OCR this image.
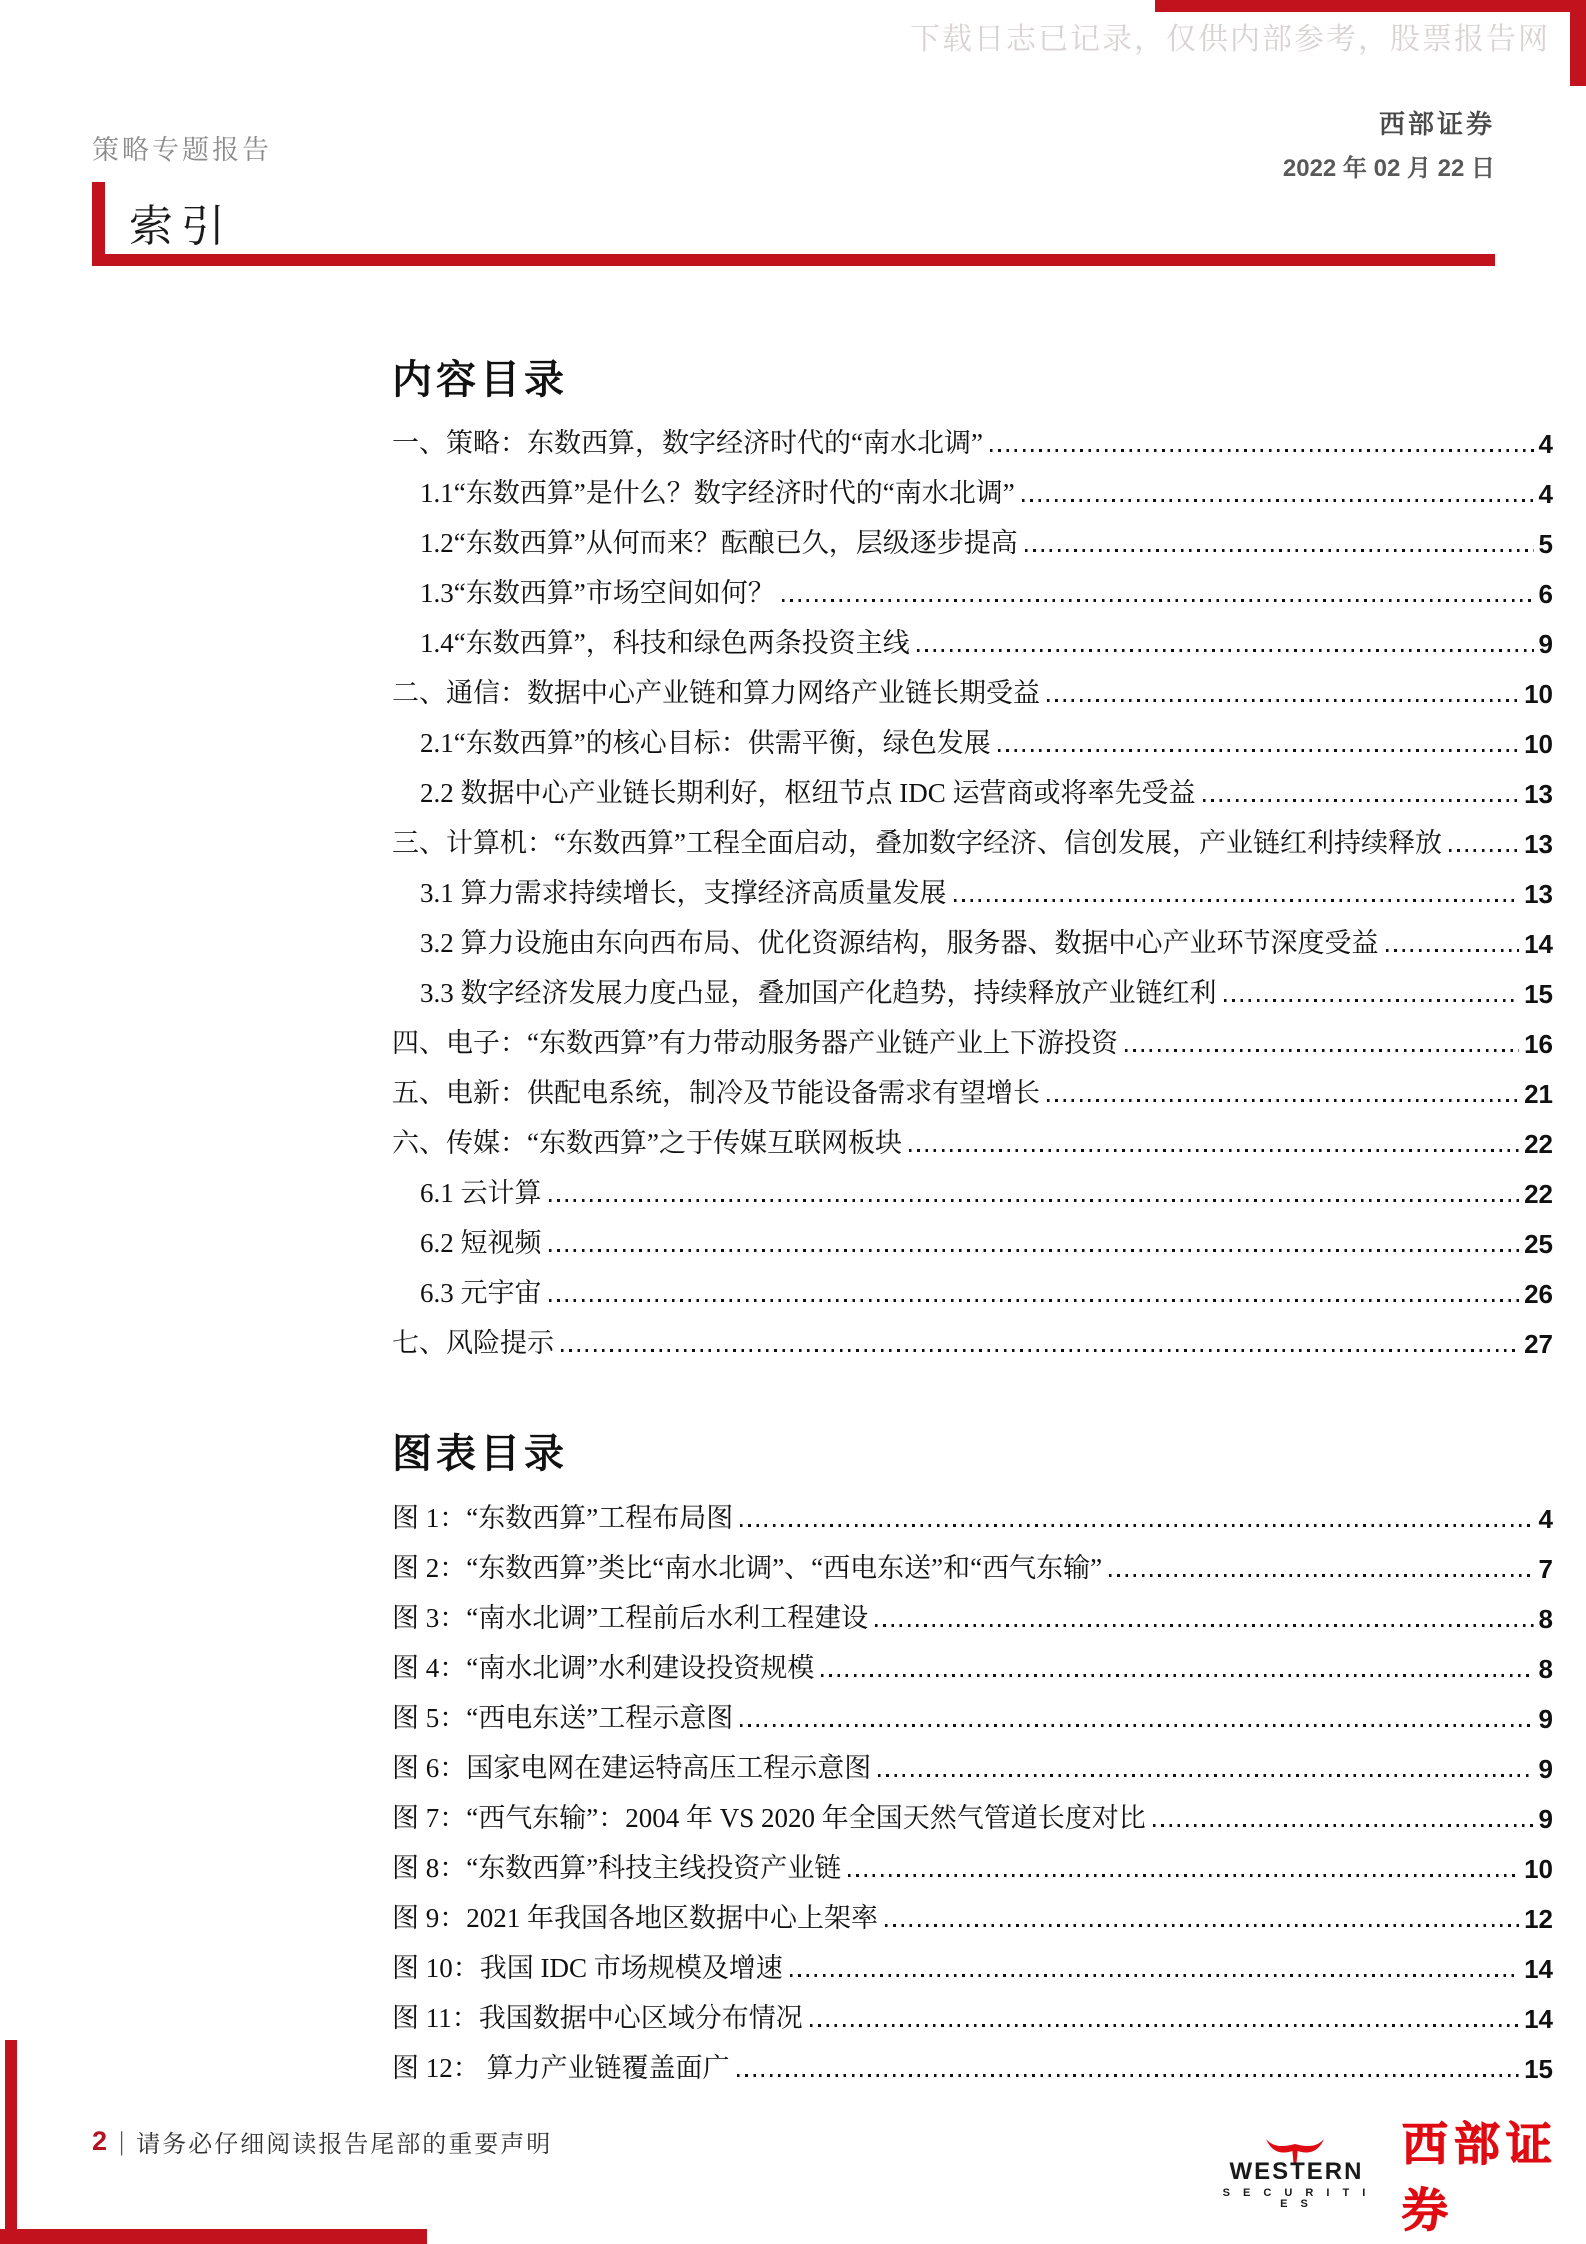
下载日志已记录，仅供内部参考，股票报告网
策略专题报告
西部证券
2022 年 02 月 22 日
索引
内容目录
一、策略：东数西算，数字经济时代的“南水北调”	4
1.1“东数西算”是什么？数字经济时代的“南水北调”	4
1.2“东数西算”从何而来？酝酿已久，层级逐步提高	5
1.3“东数西算”市场空间如何？	6
1.4“东数西算”，科技和绿色两条投资主线	9
二、通信：数据中心产业链和算力网络产业链长期受益	10
2.1“东数西算”的核心目标：供需平衡，绿色发展	10
2.2 数据中心产业链长期利好，枢纽节点 IDC 运营商或将率先受益	13
三、计算机：“东数西算”工程全面启动，叠加数字经济、信创发展，产业链红利持续释放	13
3.1 算力需求持续增长，支撑经济高质量发展	13
3.2 算力设施由东向西布局、优化资源结构，服务器、数据中心产业环节深度受益	14
3.3 数字经济发展力度凸显，叠加国产化趋势，持续释放产业链红利	15
四、电子：“东数西算”有力带动服务器产业链产业上下游投资	16
五、电新：供配电系统，制冷及节能设备需求有望增长	21
六、传媒：“东数西算”之于传媒互联网板块	22
6.1 云计算	22
6.2 短视频	25
6.3 元宇宙	26
七、风险提示	27
图表目录
图 1：“东数西算”工程布局图	4
图 2：“东数西算”类比“南水北调”、“西电东送”和“西气东输”	7
图 3：“南水北调”工程前后水利工程建设	8
图 4：“南水北调”水利建设投资规模	8
图 5：“西电东送”工程示意图	9
图 6：国家电网在建运特高压工程示意图	9
图 7：“西气东输”：2004 年 VS 2020 年全国天然气管道长度对比	9
图 8：“东数西算”科技主线投资产业链	10
图 9：2021 年我国各地区数据中心上架率	12
图 10：我国 IDC 市场规模及增速	14
图 11：我国数据中心区域分布情况	14
图 12： 算力产业链覆盖面广	15
2 | 请务必仔细阅读报告尾部的重要声明
WESTERN
S E C U R I T I E S
西部证券
